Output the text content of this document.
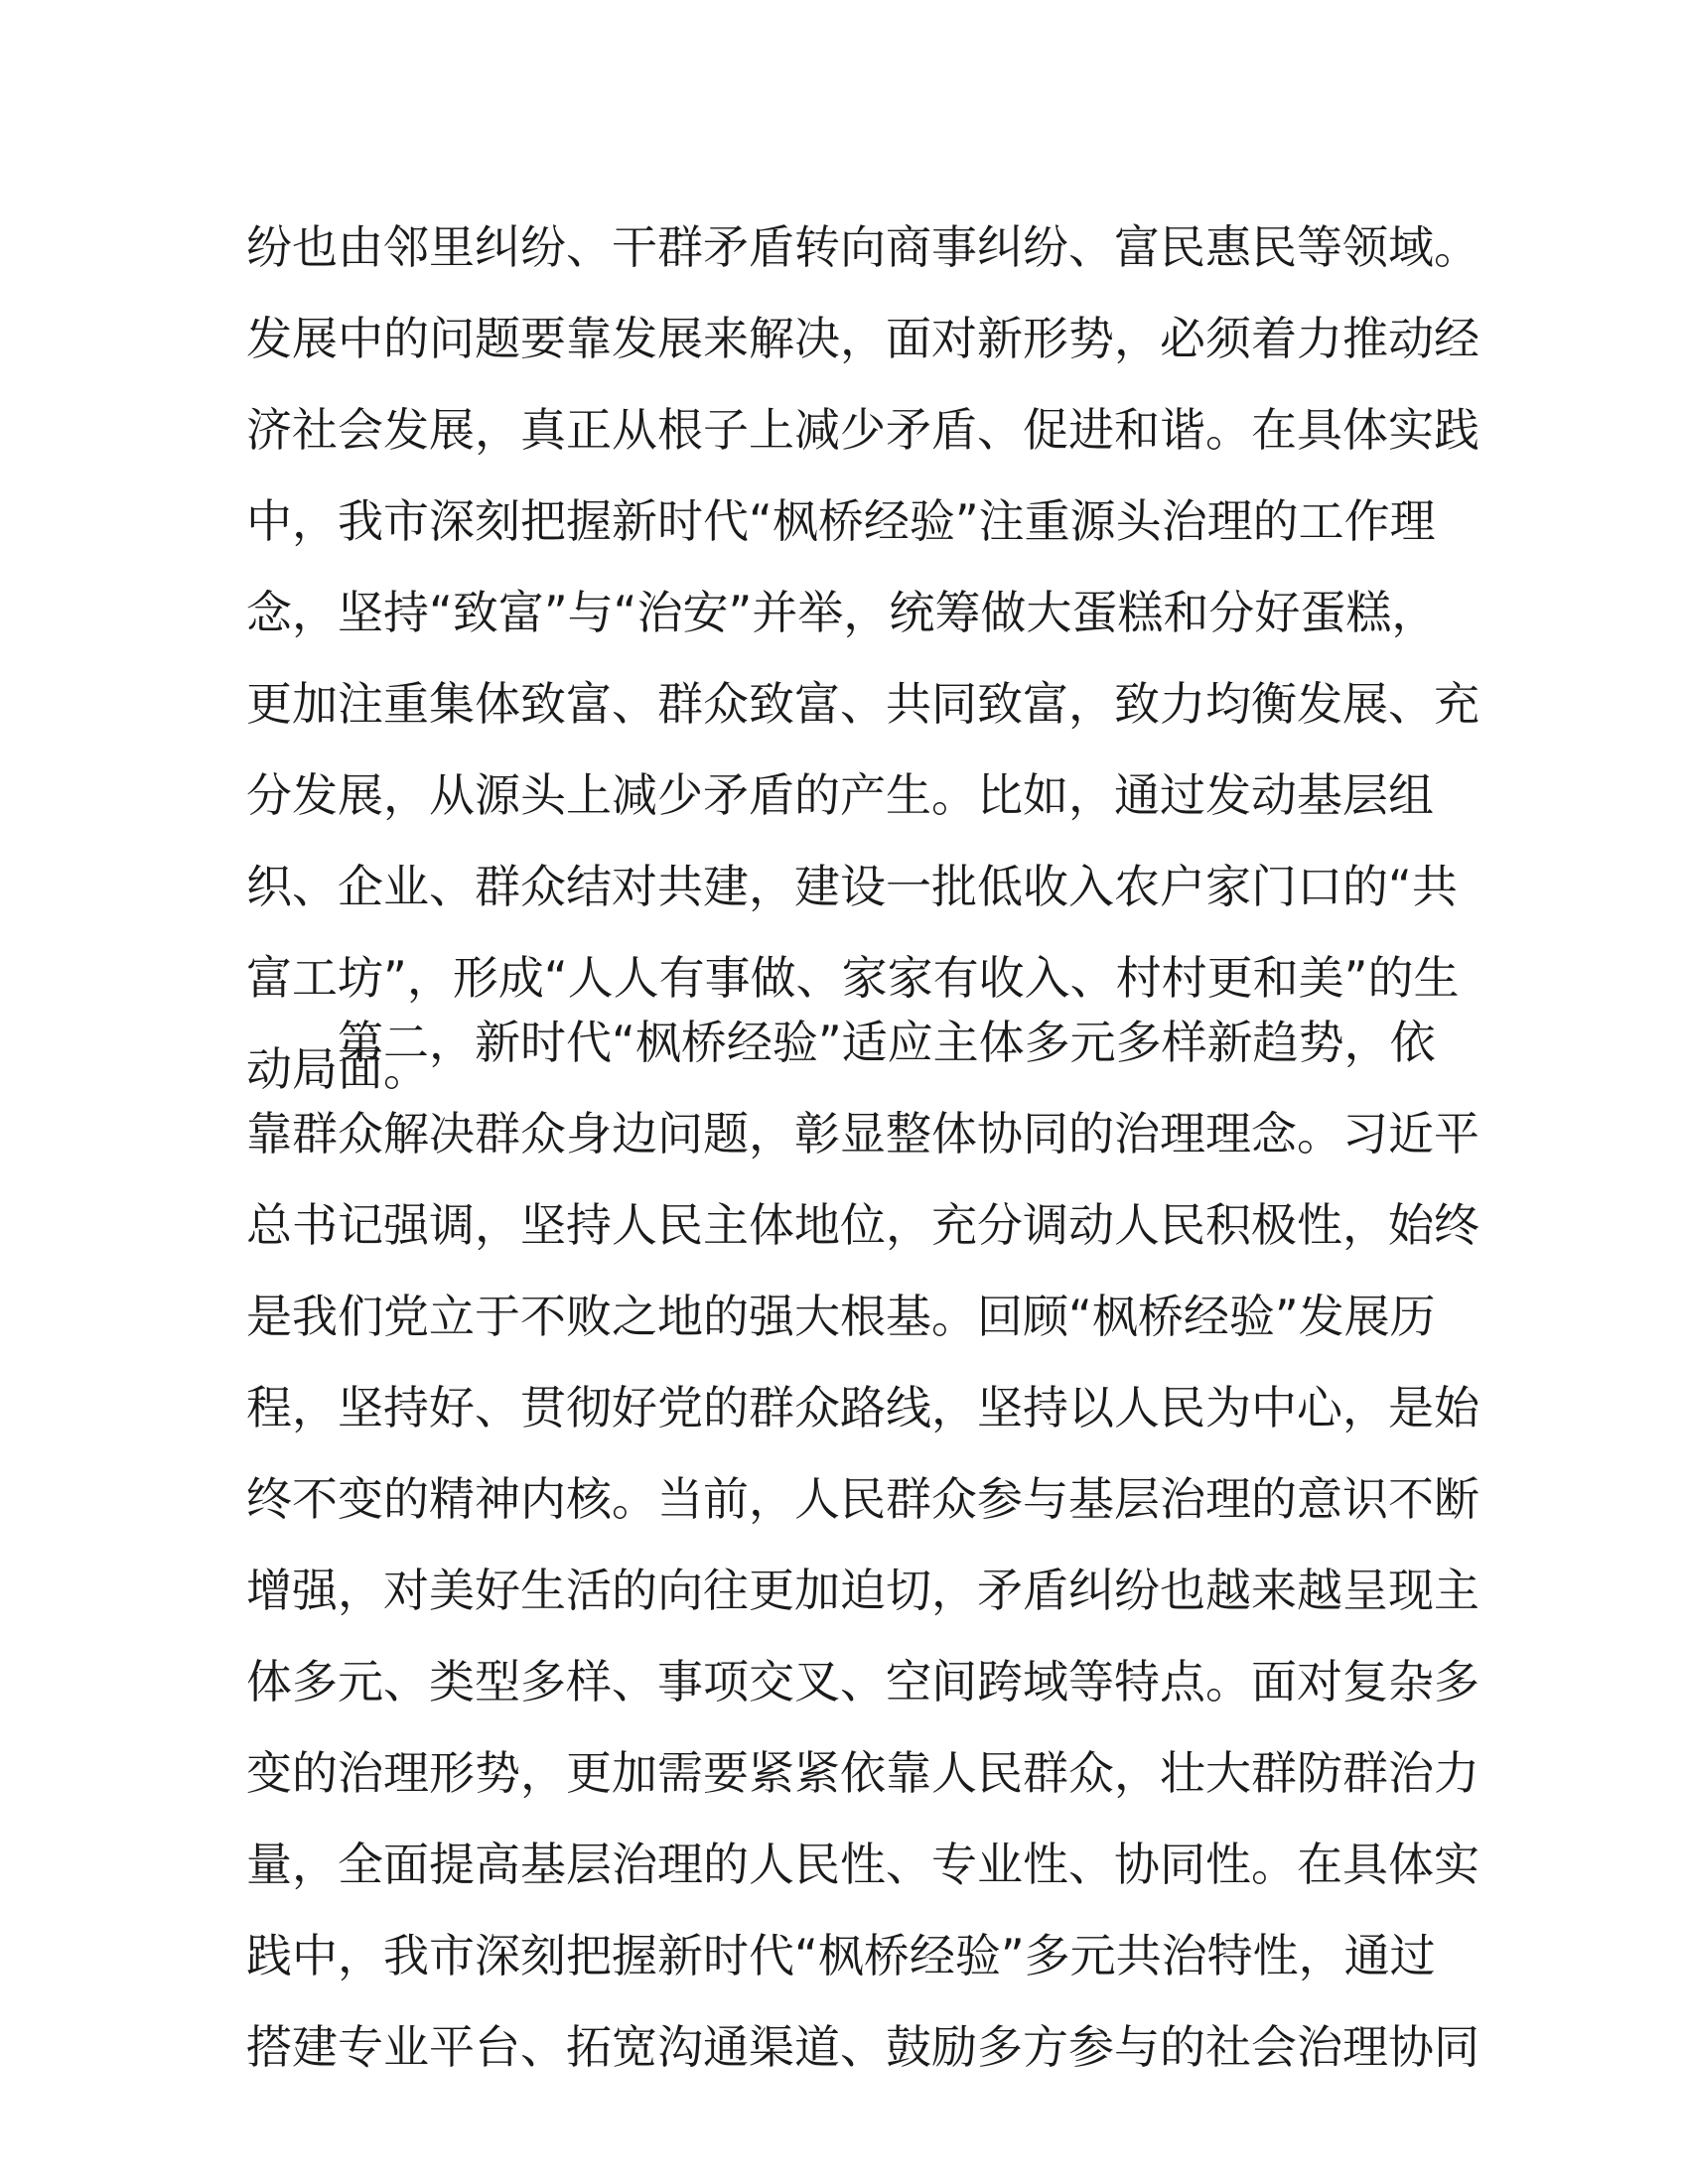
纷也由邻里纠纷、干群矛盾转向商事纠纷、富民惠民等领域。
发展中的问题要靠发展来解决，面对新形势，必须着力推动经
济社会发展，真正从根子上减少矛盾、促进和谐。在具体实践
中，我市深刻把握新时代“枫桥经验”注重源头治理的工作理
念，坚持“致富”与“治安”并举，统筹做大蛋糕和分好蛋糕，
更加注重集体致富、群众致富、共同致富，致力均衡发展、充
分发展，从源头上减少矛盾的产生。比如，通过发动基层组
织、企业、群众结对共建，建设一批低收入农户家门口的“共
富工坊”，形成“人人有事做、家家有收入、村村更和美”的生
动局面。
第二，新时代“枫桥经验”适应主体多元多样新趋势，依
靠群众解决群众身边问题，彰显整体协同的治理理念。习近平
总书记强调，坚持人民主体地位，充分调动人民积极性，始终
是我们党立于不败之地的强大根基。回顾“枫桥经验”发展历
程，坚持好、贯彻好党的群众路线，坚持以人民为中心，是始
终不变的精神内核。当前，人民群众参与基层治理的意识不断
增强，对美好生活的向往更加迫切，矛盾纠纷也越来越呈现主
体多元、类型多样、事项交叉、空间跨域等特点。面对复杂多
变的治理形势，更加需要紧紧依靠人民群众，壮大群防群治力
量，全面提高基层治理的人民性、专业性、协同性。在具体实
践中，我市深刻把握新时代“枫桥经验”多元共治特性，通过
搭建专业平台、拓宽沟通渠道、鼓励多方参与的社会治理协同
